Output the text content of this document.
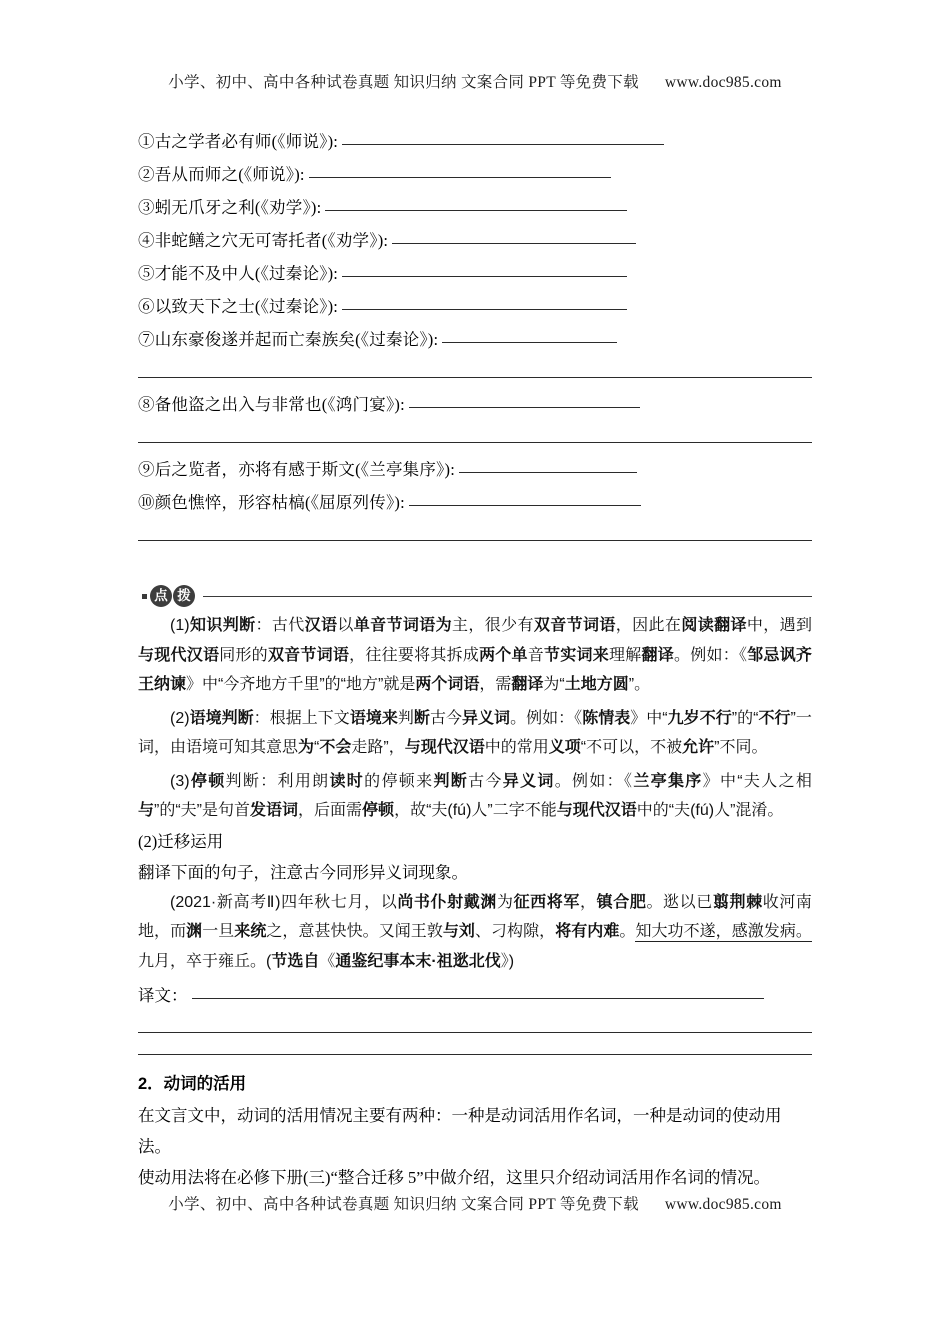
小学、初中、高中各种试卷真题 知识归纳 文案合同 PPT 等免费下载 www.doc985.com
①古之学者必有师(《师说》):
②吾从而师之(《师说》):
③蚓无爪牙之利(《劝学》):
④非蛇鳝之穴无可寄托者(《劝学》):
⑤才能不及中人(《过秦论》):
⑥以致天下之士(《过秦论》):
⑦山东豪俊遂并起而亡秦族矣(《过秦论》):
⑧备他盗之出入与非常也(《鸿门宴》):
⑨后之览者，亦将有感于斯文(《兰亭集序》):
⑩颜色憔悴，形容枯槁(《屈原列传》):
点 拨
(1)知识判断：古代汉语以单音节词语为主，很少有双音节词语，因此在阅读翻译中，遇到与现代汉语同形的双音节词语，往往要将其拆成两个单音节实词来理解翻译。例如：《邹忌讽齐王纳谏》中“今齐地方千里”的“地方”就是两个词语，需翻译为“土地方圆”。
(2)语境判断：根据上下文语境来判断古今异义词。例如：《陈情表》中“九岁不行”的“不行”一词，由语境可知其意思为“不会走路”，与现代汉语中的常用义项“不可以，不被允许”不同。
(3)停顿判断：利用朗读时的停顿来判断古今异义词。例如：《兰亭集序》中“夫人之相与”的“夫”是句首发语词，后面需停顿，故“夫(fú)人”二字不能与现代汉语中的“夫(fú)人”混淆。
(2)迁移运用
翻译下面的句子，注意古今同形异义词现象。
(2021·新高考Ⅱ)四年秋七月，以尚书仆射戴渊为征西将军，镇合肥。逖以已翦荆棘收河南地，而渊一旦来统之，意甚快快。又闻王敦与刘、刁构隙，将有内难。知大功不遂，感激发病。九月，卒于雍丘。(节选自《通鉴纪事本末·祖逖北伐》)
译文：
2．动词的活用
在文言文中，动词的活用情况主要有两种：一种是动词活用作名词，一种是动词的使动用法。
使动用法将在必修下册(三)“整合迁移 5”中做介绍，这里只介绍动词活用作名词的情况。
小学、初中、高中各种试卷真题 知识归纳 文案合同 PPT 等免费下载 www.doc985.com
